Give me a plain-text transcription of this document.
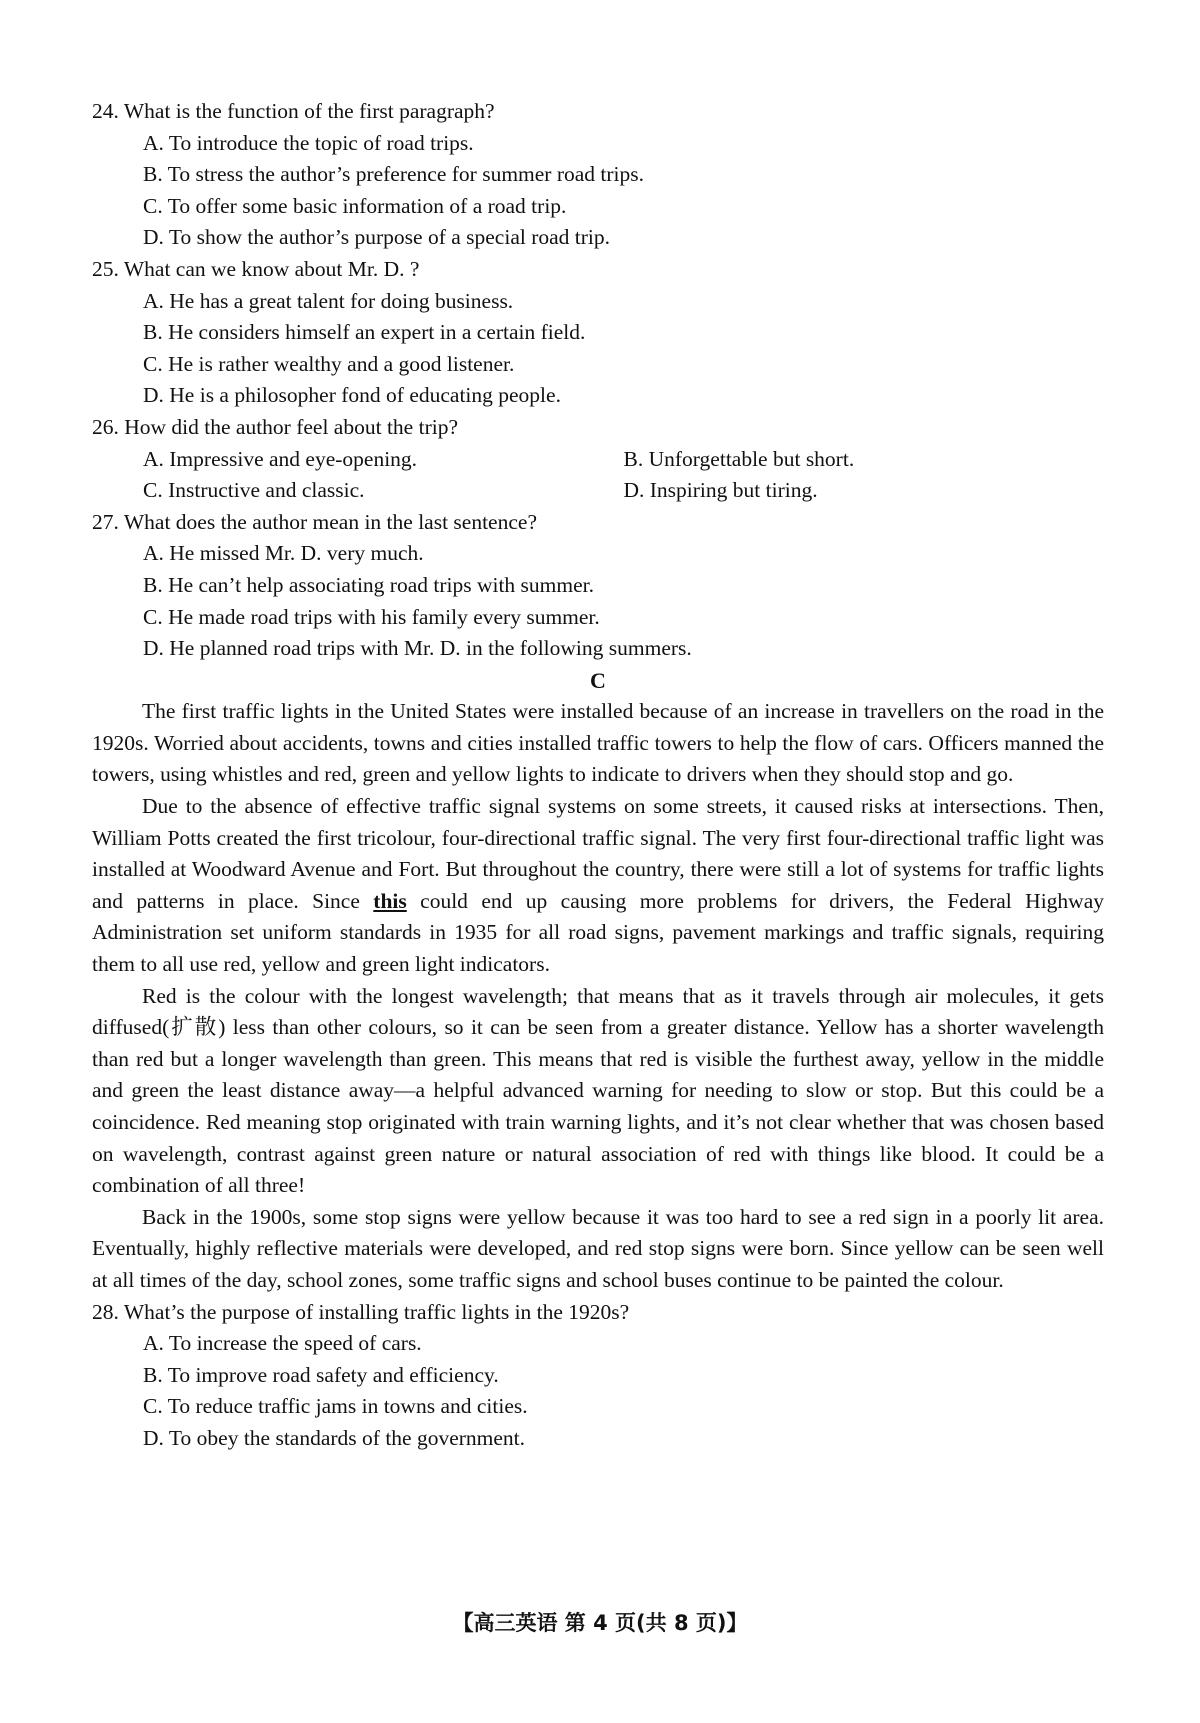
24. What is the function of the first paragraph?
A. To introduce the topic of road trips.
B. To stress the author’s preference for summer road trips.
C. To offer some basic information of a road trip.
D. To show the author’s purpose of a special road trip.
25. What can we know about Mr. D. ?
A. He has a great talent for doing business.
B. He considers himself an expert in a certain field.
C. He is rather wealthy and a good listener.
D. He is a philosopher fond of educating people.
26. How did the author feel about the trip?
A. Impressive and eye-opening.	B. Unforgettable but short.
C. Instructive and classic.	D. Inspiring but tiring.
27. What does the author mean in the last sentence?
A. He missed Mr. D. very much.
B. He can’t help associating road trips with summer.
C. He made road trips with his family every summer.
D. He planned road trips with Mr. D. in the following summers.
C

The first traffic lights in the United States were installed because of an increase in travellers on the road in the 1920s. Worried about accidents, towns and cities installed traffic towers to help the flow of cars. Officers manned the towers, using whistles and red, green and yellow lights to indicate to drivers when they should stop and go.

Due to the absence of effective traffic signal systems on some streets, it caused risks at intersections. Then, William Potts created the first tricolour, four-directional traffic signal. The very first four-directional traffic light was installed at Woodward Avenue and Fort. But throughout the country, there were still a lot of systems for traffic lights and patterns in place. Since this could end up causing more problems for drivers, the Federal Highway Administration set uniform standards in 1935 for all road signs, pavement markings and traffic signals, requiring them to all use red, yellow and green light indicators.

Red is the colour with the longest wavelength; that means that as it travels through air molecules, it gets diffused(扩散) less than other colours, so it can be seen from a greater distance. Yellow has a shorter wavelength than red but a longer wavelength than green. This means that red is visible the furthest away, yellow in the middle and green the least distance away—a helpful advanced warning for needing to slow or stop. But this could be a coincidence. Red meaning stop originated with train warning lights, and it’s not clear whether that was chosen based on wavelength, contrast against green nature or natural association of red with things like blood. It could be a combination of all three!

Back in the 1900s, some stop signs were yellow because it was too hard to see a red sign in a poorly lit area. Eventually, highly reflective materials were developed, and red stop signs were born. Since yellow can be seen well at all times of the day, school zones, some traffic signs and school buses continue to be painted the colour.

28. What’s the purpose of installing traffic lights in the 1920s?
A. To increase the speed of cars.
B. To improve road safety and efficiency.
C. To reduce traffic jams in towns and cities.
D. To obey the standards of the government.
【高三英语 第 4 页(共 8 页)】
